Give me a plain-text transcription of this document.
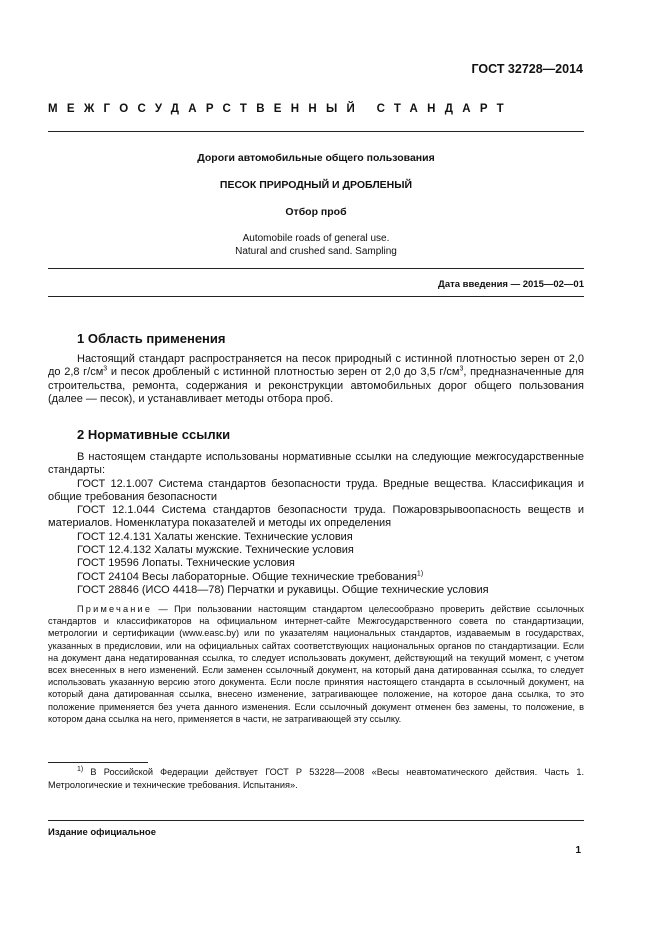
ГОСТ 32728—2014
МЕЖГОСУДАРСТВЕННЫЙ СТАНДАРТ
Дороги автомобильные общего пользования
ПЕСОК ПРИРОДНЫЙ И ДРОБЛЕНЫЙ
Отбор проб
Automobile roads of general use.
Natural and crushed sand. Sampling
Дата введения — 2015—02—01
1 Область применения

Настоящий стандарт распространяется на песок природный с истинной плотностью зерен от 2,0 до 2,8 $г/см^3$ и песок дробленый с истинной плотностью зерен от 2,0 до 3,5 $г/см^3$, предназначенные для строительства, ремонта, содержания и реконструкции автомобильных дорог общего пользования (далее — песок), и устанавливает методы отбора проб.

2 Нормативные ссылки

В настоящем стандарте использованы нормативные ссылки на следующие межгосударственные стандарты:

ГОСТ 12.1.007 Система стандартов безопасности труда. Вредные вещества. Классификация и общие требования безопасности

ГОСТ 12.1.044 Система стандартов безопасности труда. Пожаровзрывоопасность веществ и материалов. Номенклатура показателей и методы их определения

ГОСТ 12.4.131 Халаты женские. Технические условия

ГОСТ 12.4.132 Халаты мужские. Технические условия

ГОСТ 19596 Лопаты. Технические условия

ГОСТ 24104 Весы лабораторные. Общие технические требования$^{1)}$

ГОСТ 28846 (ИСО 4418—78) Перчатки и рукавицы. Общие технические условия

Примечание — При пользовании настоящим стандартом целесообразно проверить действие ссылочных стандартов и классификаторов на официальном интернет-сайте Межгосударственного совета по стандартизации, метрологии и сертификации (www.easc.by) или по указателям национальных стандартов, издаваемым в государствах, указанных в предисловии, или на официальных сайтах соответствующих национальных органов по стандартизации. Если на документ дана недатированная ссылка, то следует использовать документ, действующий на текущий момент, с учетом всех внесенных в него изменений. Если заменен ссылочный документ, на который дана датированная ссылка, то следует использовать указанную версию этого документа. Если после принятия настоящего стандарта в ссылочный документ, на который дана датированная ссылка, внесено изменение, затрагивающее положение, на которое дана ссылка, то это положение применяется без учета данного изменения. Если ссылочный документ отменен без замены, то положение, в котором дана ссылка на него, применяется в части, не затрагивающей эту ссылку.
$^{1)}$ В Российской Федерации действует ГОСТ Р 53228—2008 «Весы неавтоматического действия. Часть 1. Метрологические и технические требования. Испытания».
Издание официальное
1
